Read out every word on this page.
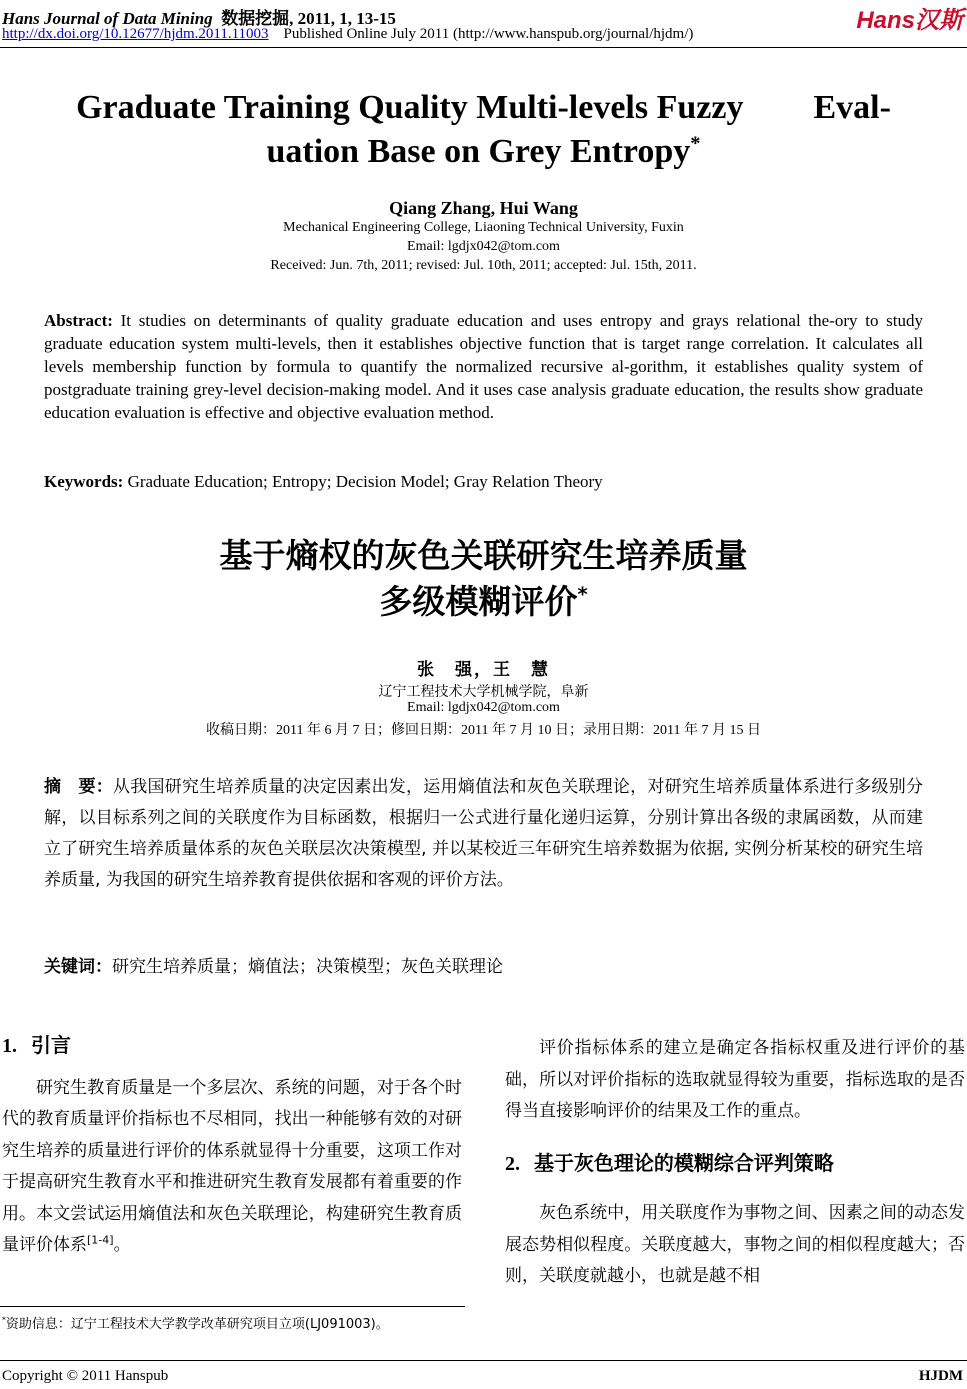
Hans Journal of Data Mining 数据挖掘, 2011, 1, 13-15	Hans汉斯
http://dx.doi.org/10.12677/hjdm.2011.11003 Published Online July 2011 (http://www.hanspub.org/journal/hjdm/)
Graduate Training Quality Multi-levels Fuzzy Eval-
uation Base on Grey Entropy*
Qiang Zhang, Hui Wang
Mechanical Engineering College, Liaoning Technical University, Fuxin
Email: lgdjx042@tom.com
Received: Jun. 7th, 2011; revised: Jul. 10th, 2011; accepted: Jul. 15th, 2011.
Abstract: It studies on determinants of quality graduate education and uses entropy and grays relational the-ory to study graduate education system multi-levels, then it establishes objective function that is target range correlation. It calculates all levels membership function by formula to quantify the normalized recursive al-gorithm, it establishes quality system of postgraduate training grey-level decision-making model. And it uses case analysis graduate education, the results show graduate education evaluation is effective and objective evaluation method.
Keywords: Graduate Education; Entropy; Decision Model; Gray Relation Theory
基于熵权的灰色关联研究生培养质量
多级模糊评价*
张　强，王　慧
辽宁工程技术大学机械学院，阜新
Email: lgdjx042@tom.com
收稿日期：2011 年 6 月 7 日；修回日期：2011 年 7 月 10 日；录用日期：2011 年 7 月 15 日
摘　要：从我国研究生培养质量的决定因素出发，运用熵值法和灰色关联理论，对研究生培养质量体系进行多级别分解，以目标系列之间的关联度作为目标函数，根据归一公式进行量化递归运算，分别计算出各级的隶属函数，从而建立了研究生培养质量体系的灰色关联层次决策模型, 并以某校近三年研究生培养数据为依据, 实例分析某校的研究生培养质量, 为我国的研究生培养教育提供依据和客观的评价方法。
关键词：研究生培养质量；熵值法；决策模型；灰色关联理论
1. 引言
研究生教育质量是一个多层次、系统的问题，对于各个时代的教育质量评价指标也不尽相同，找出一种能够有效的对研究生培养的质量进行评价的体系就显得十分重要，这项工作对于提高研究生教育水平和推进研究生教育发展都有着重要的作用。本文尝试运用熵值法和灰色关联理论，构建研究生教育质量评价体系[1-4]。
评价指标体系的建立是确定各指标权重及进行评价的基础，所以对评价指标的选取就显得较为重要，指标选取的是否得当直接影响评价的结果及工作的重点。
2. 基于灰色理论的模糊综合评判策略
灰色系统中，用关联度作为事物之间、因素之间的动态发展态势相似程度。关联度越大，事物之间的相似程度越大；否则，关联度就越小，也就是越不相
*资助信息：辽宁工程技术大学教学改革研究项目立项(LJ091003)。
Copyright © 2011 Hanspub	HJDM
